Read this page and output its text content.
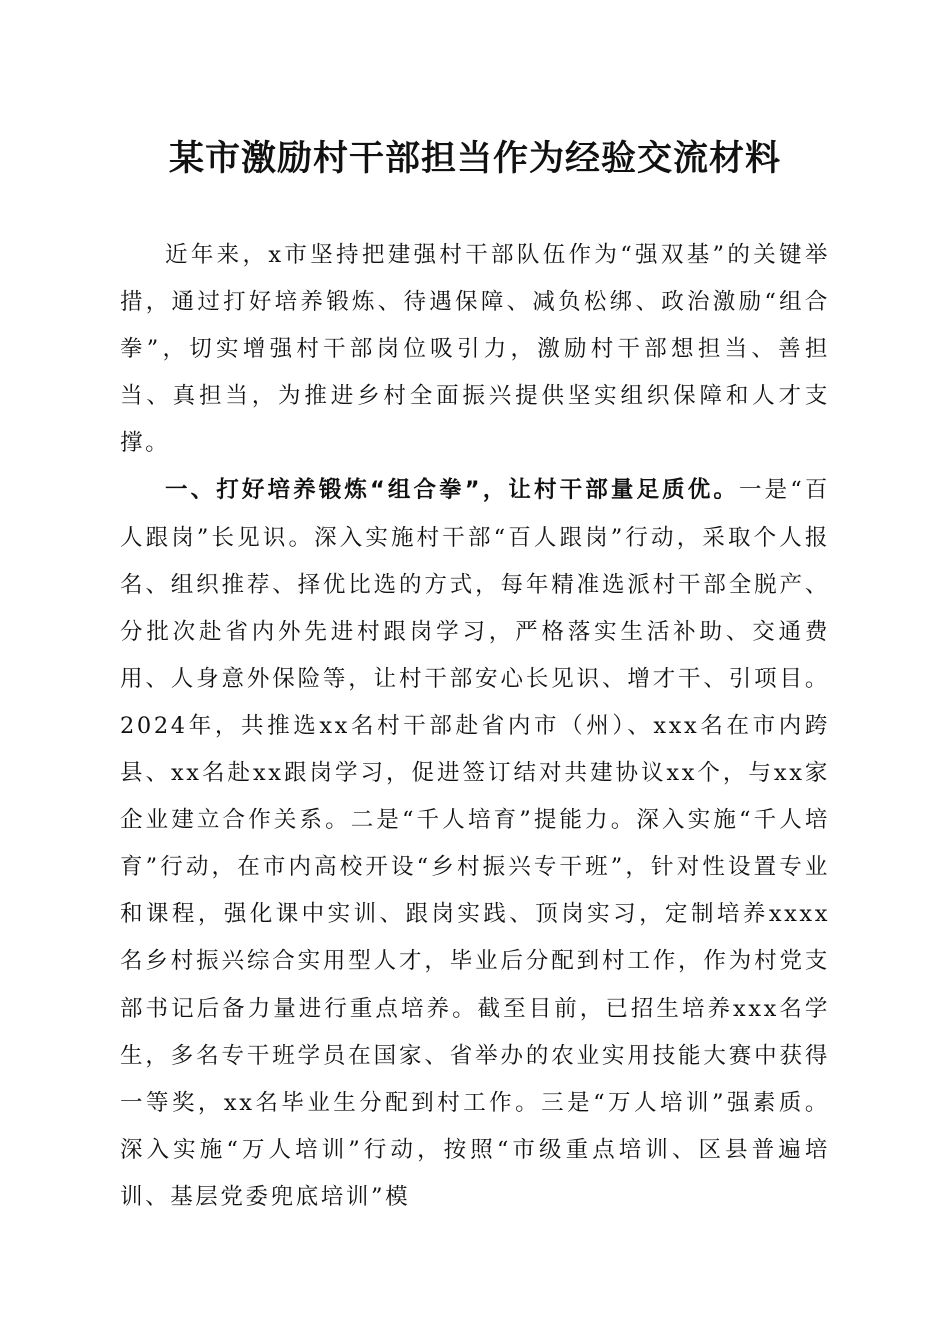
某市激励村干部担当作为经验交流材料

近年来，x市坚持把建强村干部队伍作为“强双基”的关键举措，通过打好培养锻炼、待遇保障、减负松绑、政治激励“组合拳”，切实增强村干部岗位吸引力，激励村干部想担当、善担当、真担当，为推进乡村全面振兴提供坚实组织保障和人才支撑。

一、打好培养锻炼“组合拳”，让村干部量足质优。一是“百人跟岗”长见识。深入实施村干部“百人跟岗”行动，采取个人报名、组织推荐、择优比选的方式，每年精准选派村干部全脱产、分批次赴省内外先进村跟岗学习，严格落实生活补助、交通费用、人身意外保险等，让村干部安心长见识、增才干、引项目。2024年，共推选xx名村干部赴省内市（州）、xxx名在市内跨县、xx名赴xx跟岗学习，促进签订结对共建协议xx个，与xx家企业建立合作关系。二是“千人培育”提能力。深入实施“千人培育”行动，在市内高校开设“乡村振兴专干班”，针对性设置专业和课程，强化课中实训、跟岗实践、顶岗实习，定制培养xxxx名乡村振兴综合实用型人才，毕业后分配到村工作，作为村党支部书记后备力量进行重点培养。截至目前，已招生培养xxx名学生，多名专干班学员在国家、省举办的农业实用技能大赛中获得一等奖，xx名毕业生分配到村工作。三是“万人培训”强素质。深入实施“万人培训”行动，按照“市级重点培训、区县普遍培训、基层党委兜底培训”模
